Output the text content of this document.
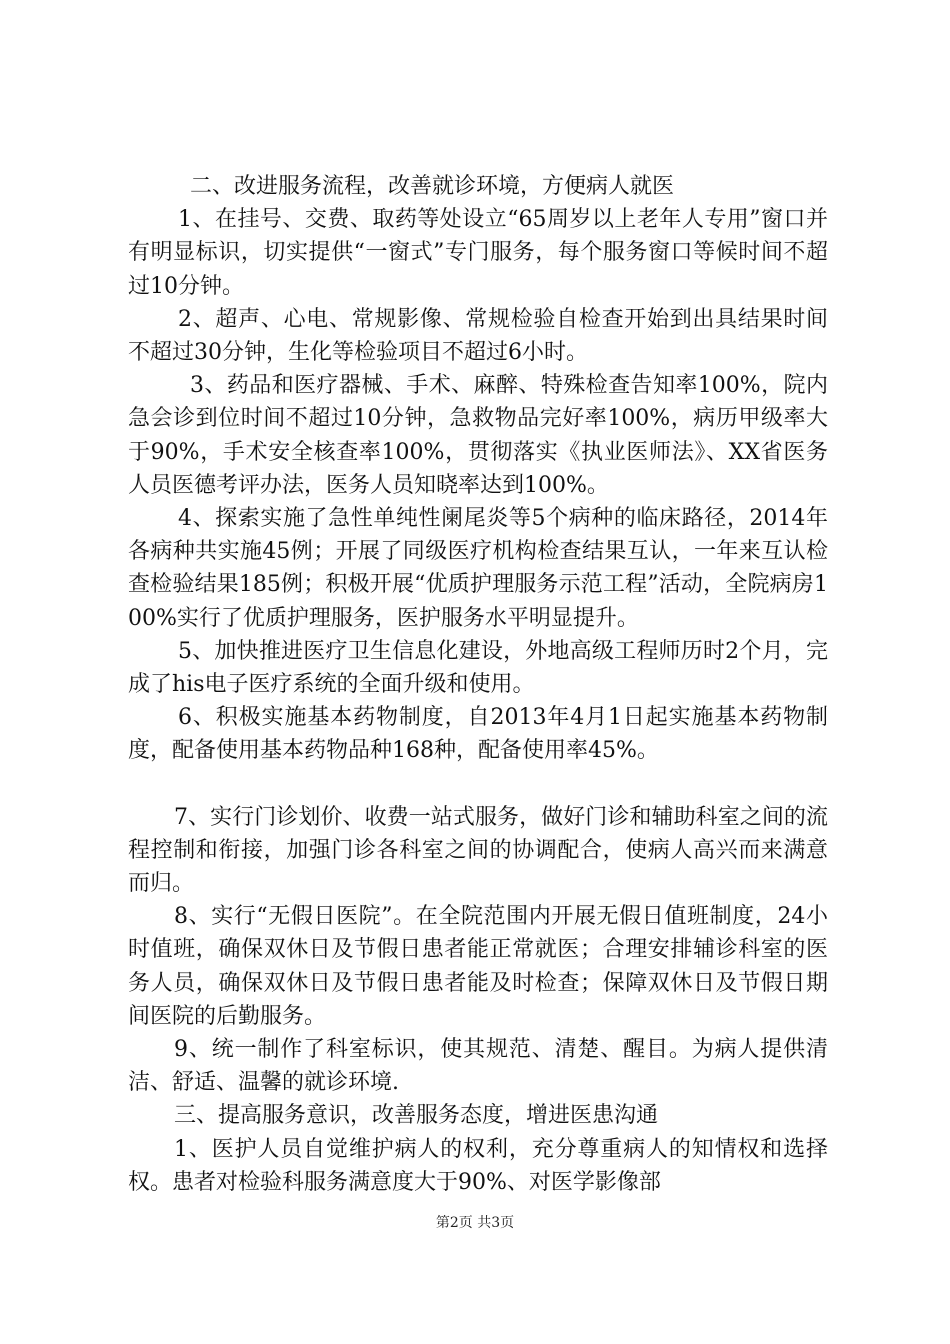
二、改进服务流程，改善就诊环境，方便病人就医

1、在挂号、交费、取药等处设立“65周岁以上老年人专用”窗口并有明显标识，切实提供“一窗式”专门服务，每个服务窗口等候时间不超过10分钟。

2、超声、心电、常规影像、常规检验自检查开始到出具结果时间不超过30分钟，生化等检验项目不超过6小时。

3、药品和医疗器械、手术、麻醉、特殊检查告知率100%，院内急会诊到位时间不超过10分钟，急救物品完好率100%，病历甲级率大于90%，手术安全核查率100%，贯彻落实《执业医师法》、XX省医务人员医德考评办法，医务人员知晓率达到100%。

4、探索实施了急性单纯性阑尾炎等5个病种的临床路径，2014年各病种共实施45例；开展了同级医疗机构检查结果互认，一年来互认检查检验结果185例；积极开展“优质护理服务示范工程”活动，全院病房100%实行了优质护理服务，医护服务水平明显提升。

5、加快推进医疗卫生信息化建设，外地高级工程师历时2个月，完成了his电子医疗系统的全面升级和使用。

6、积极实施基本药物制度，自2013年4月1日起实施基本药物制度，配备使用基本药物品种168种，配备使用率45%。

7、实行门诊划价、收费一站式服务，做好门诊和辅助科室之间的流程控制和衔接，加强门诊各科室之间的协调配合，使病人高兴而来满意而归。

8、实行“无假日医院”。在全院范围内开展无假日值班制度，24小时值班，确保双休日及节假日患者能正常就医；合理安排辅诊科室的医务人员，确保双休日及节假日患者能及时检查；保障双休日及节假日期间医院的后勤服务。

9、统一制作了科室标识，使其规范、清楚、醒目。为病人提供清洁、舒适、温馨的就诊环境.

三、提高服务意识，改善服务态度，增进医患沟通

1、医护人员自觉维护病人的权利，充分尊重病人的知情权和选择权。患者对检验科服务满意度大于90%、对医学影像部

第2页 共3页
